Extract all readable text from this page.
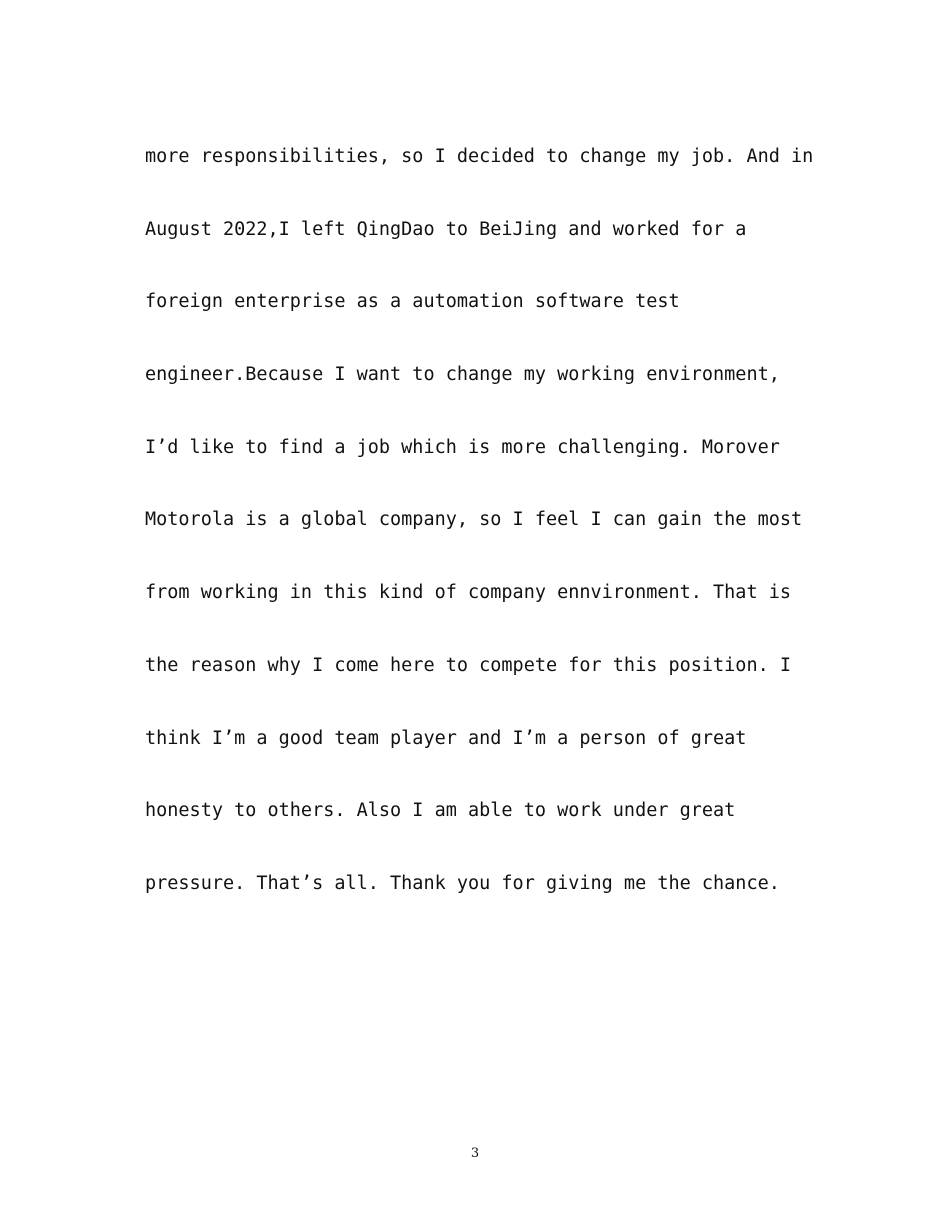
more responsibilities, so I decided to change my job. And in
August 2022,I left QingDao to BeiJing and worked for a
foreign enterprise as a automation software test
engineer.Because I want to change my working environment,
I’d like to find a job which is more challenging. Morover
Motorola is a global company, so I feel I can gain the most
from working in this kind of company ennvironment. That is
the reason why I come here to compete for this position. I
think I’m a good team player and I’m a person of great
honesty to others. Also I am able to work under great
pressure. That’s all. Thank you for giving me the chance.
3
